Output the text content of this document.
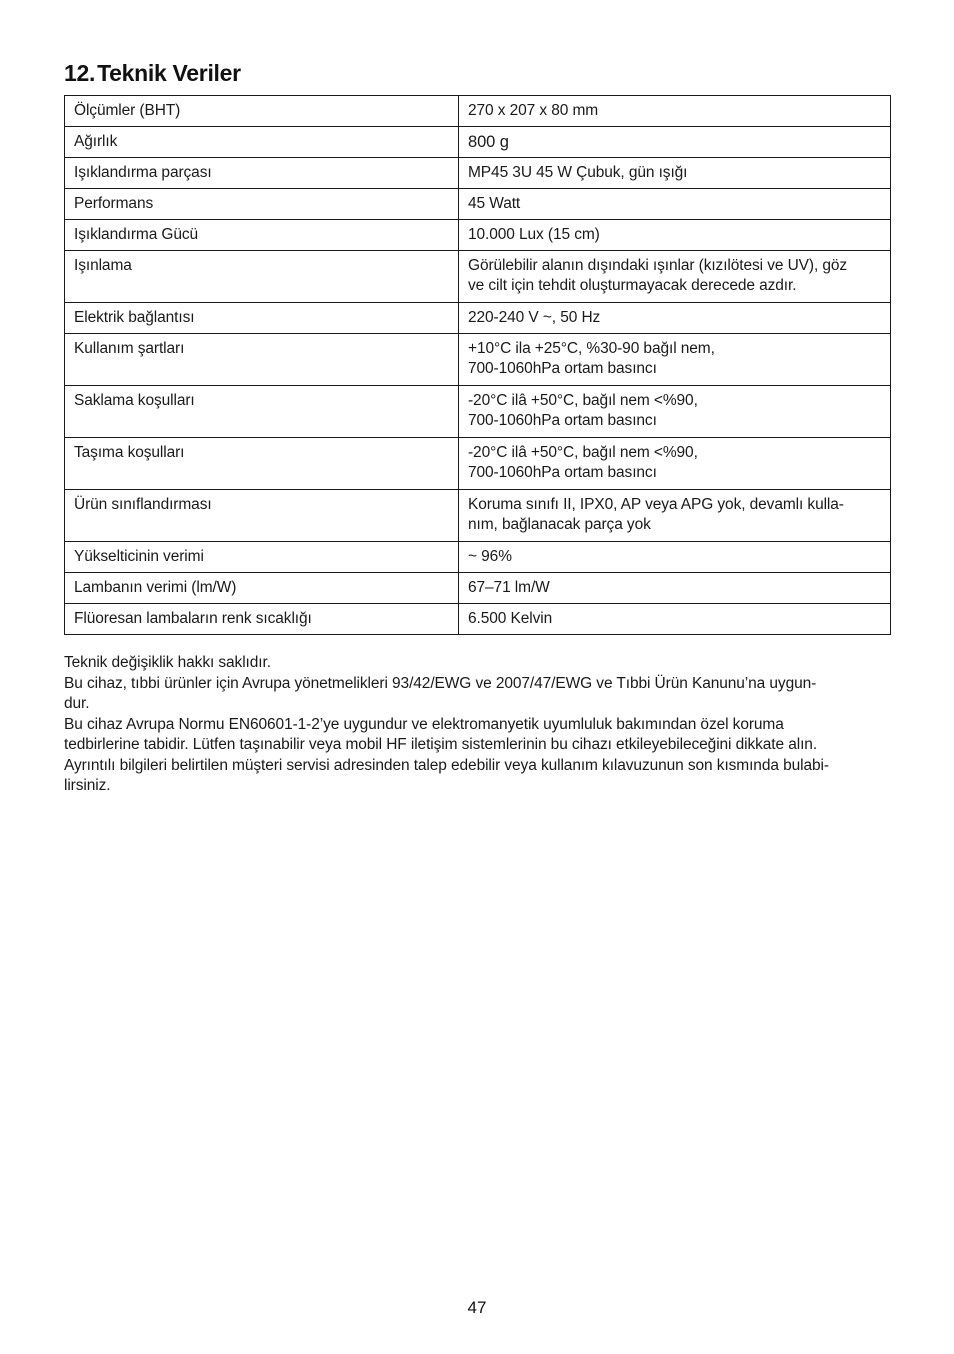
12.Teknik Veriler
Ölçümler (BHT)	270 x 207 x 80 mm

Ağırlık	800 g

Işıklandırma parçası	MP45 3U 45 W Çubuk, gün ışığı

Performans	45 Watt

Işıklandırma Gücü	10.000 Lux (15 cm)

Işınlama	Görülebilir alanın dışındaki ışınlar (kızılötesi ve UV), göz
ve cilt için tehdit oluşturmayacak derecede azdır.

Elektrik bağlantısı	220-240 V ~, 50 Hz

Kullanım şartları	+10°C ila +25°C, %30-90 bağıl nem,
700-1060hPa ortam basıncı

Saklama koşulları	-20°C ilâ +50°C, bağıl nem <%90,
700-1060hPa ortam basıncı

Taşıma koşulları	-20°C ilâ +50°C, bağıl nem <%90,
700-1060hPa ortam basıncı

Ürün sınıflandırması	Koruma sınıfı II, IPX0, AP veya APG yok, devamlı kulla-
nım, bağlanacak parça yok

Yükselticinin verimi	~ 96%

Lambanın verimi (lm/W)	67–71 lm/W

Flüoresan lambaların renk sıcaklığı	6.500 Kelvin
Teknik değişiklik hakkı saklıdır.
Bu cihaz, tıbbi ürünler için Avrupa yönetmelikleri 93/42/EWG ve 2007/47/EWG ve Tıbbi Ürün Kanunu’na uygun-
dur.
Bu cihaz Avrupa Normu EN60601-1-2’ye uygundur ve elektromanyetik uyumluluk bakımından özel koruma
tedbirlerine tabidir. Lütfen taşınabilir veya mobil HF iletişim sistemlerinin bu cihazı etkileyebileceğini dikkate alın.
Ayrıntılı bilgileri belirtilen müşteri servisi adresinden talep edebilir veya kullanım kılavuzunun son kısmında bulabi-
lirsiniz.
47
